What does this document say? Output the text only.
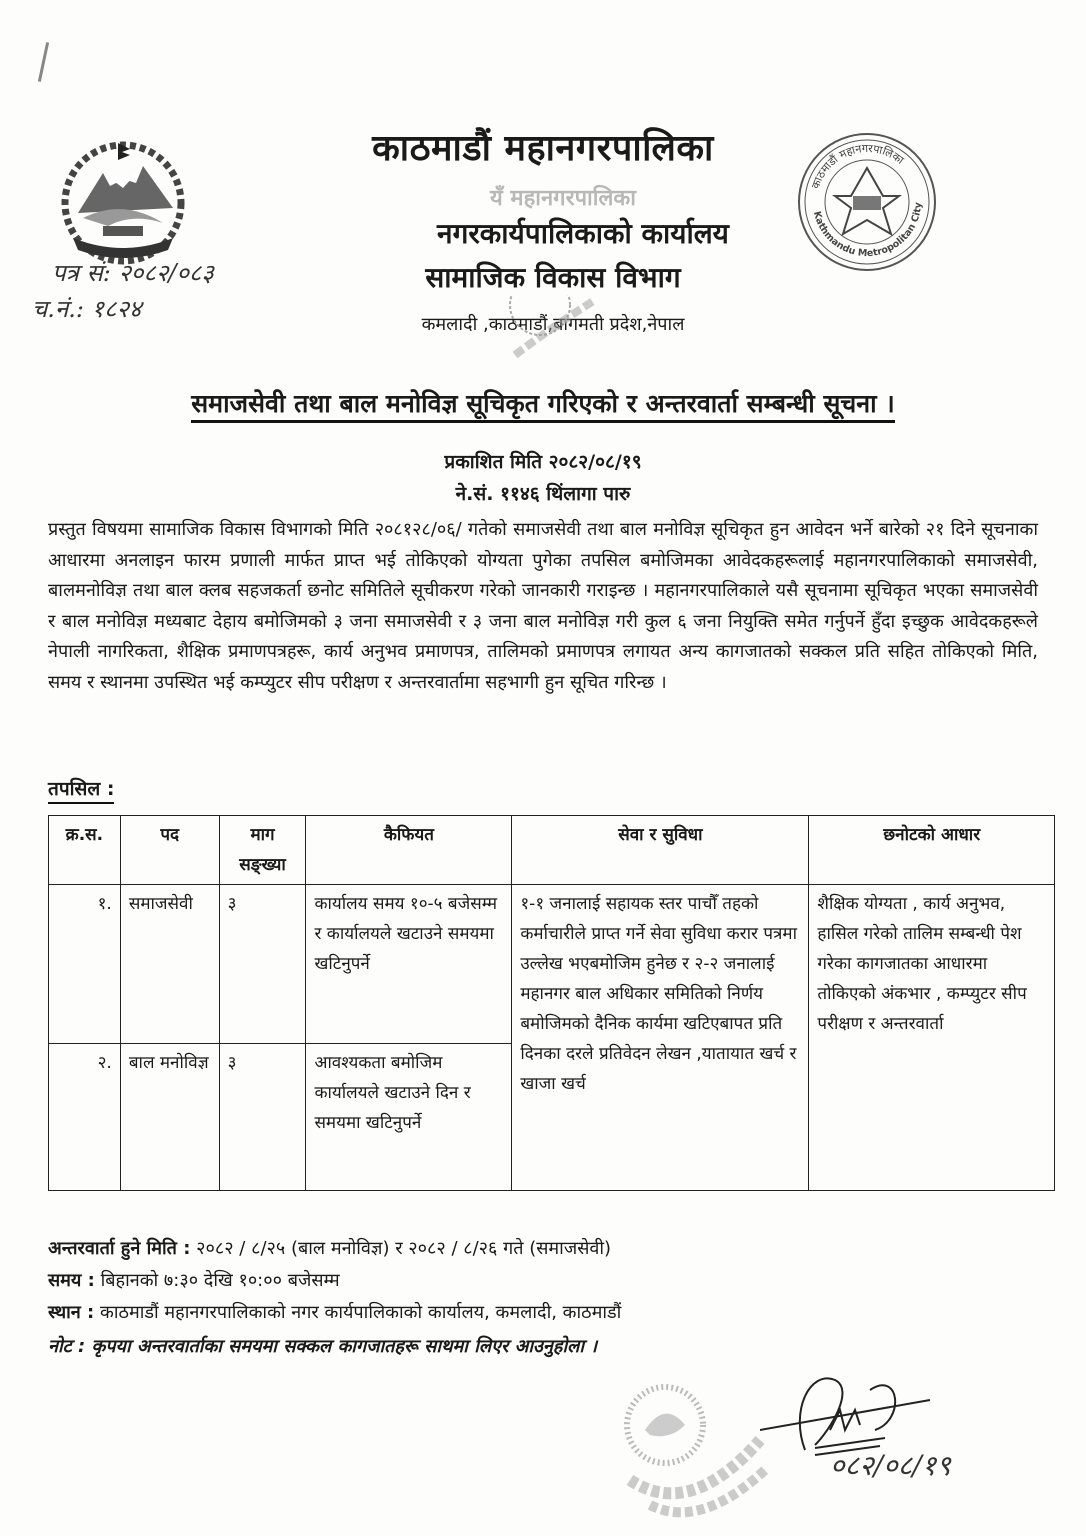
पत्र सं: २०८२/०८३
च.नं.: १८२४
काठमाडौं महानगरपालिका
यँ महानगरपालिका
नगरकार्यपालिकाको कार्यालय
सामाजिक विकास विभाग
कमलादी ,काठमाडौं,बागमती प्रदेश,नेपाल
काठमाडौं महानगरपालिका
Kathmandu Metropolitan City
समाजसेवी तथा बाल मनोविज्ञ सूचिकृत गरिएको र अन्तरवार्ता सम्बन्धी सूचना ।
प्रकाशित मिति २०८२/०८/१९
ने.सं. ११४६ थिंलागा पारु
प्रस्तुत विषयमा सामाजिक विकास विभागको मिति २०८१२८/०६/ गतेको समाजसेवी तथा बाल मनोविज्ञ सूचिकृत हुन आवेदन भर्ने बारेको २१ दिने सूचनाका आधारमा अनलाइन फारम प्रणाली मार्फत प्राप्त भई तोकिएको योग्यता पुगेका तपसिल बमोजिमका आवेदकहरूलाई महानगरपालिकाको समाजसेवी, बालमनोविज्ञ तथा बाल क्लब सहजकर्ता छनोट समितिले सूचीकरण गरेको जानकारी गराइन्छ । महानगरपालिकाले यसै सूचनामा सूचिकृत भएका समाजसेवी र बाल मनोविज्ञ मध्यबाट देहाय बमोजिमको ३ जना समाजसेवी र ३ जना बाल मनोविज्ञ गरी कुल ६ जना नियुक्ति समेत गर्नुपर्ने हुँदा इच्छुक आवेदकहरूले नेपाली नागरिकता, शैक्षिक प्रमाणपत्रहरू, कार्य अनुभव प्रमाणपत्र, तालिमको प्रमाणपत्र लगायत अन्य कागजातको सक्कल प्रति सहित तोकिएको मिति, समय र स्थानमा उपस्थित भई कम्प्युटर सीप परीक्षण र अन्तरवार्तामा सहभागी हुन सूचित गरिन्छ ।
तपसिल :
क्र.स.	पद	माग सङ्ख्या	कैफियत	सेवा र सुविधा	छनोटको आधार
१.	समाजसेवी	३	कार्यालय समय १०-५ बजेसम्म र कार्यालयले खटाउने समयमा खटिनुपर्ने	१-१ जनालाई सहायक स्तर पाचौँ तहको कर्माचारीले प्राप्त गर्ने सेवा सुविधा करार पत्रमा उल्लेख भएबमोजिम हुनेछ र २-२ जनालाई महानगर बाल अधिकार समितिको निर्णय बमोजिमको दैनिक कार्यमा खटिएबापत प्रति दिनका दरले प्रतिवेदन लेखन ,यातायात खर्च र खाजा खर्च	शैक्षिक योग्यता , कार्य अनुभव, हासिल गरेको तालिम सम्बन्धी पेश गरेका कागजातका आधारमा तोकिएको अंकभार , कम्प्युटर सीप परीक्षण र अन्तरवार्ता
२.	बाल मनोविज्ञ	३	आवश्यकता बमोजिम कार्यालयले खटाउने दिन र समयमा खटिनुपर्ने		
अन्तरवार्ता हुने मिति : २०८२ / ८/२५ (बाल मनोविज्ञ) र २०८२ / ८/२६ गते (समाजसेवी)
समय : बिहानको ७:३० देखि १०:०० बजेसम्म
स्थान : काठमाडौं महानगरपालिकाको नगर कार्यपालिकाको कार्यालय, कमलादी, काठमाडौं
नोट : कृपया अन्तरवार्ताका समयमा सक्कल कागजातहरू साथमा लिएर आउनुहोला ।
०८२/०८/१९
